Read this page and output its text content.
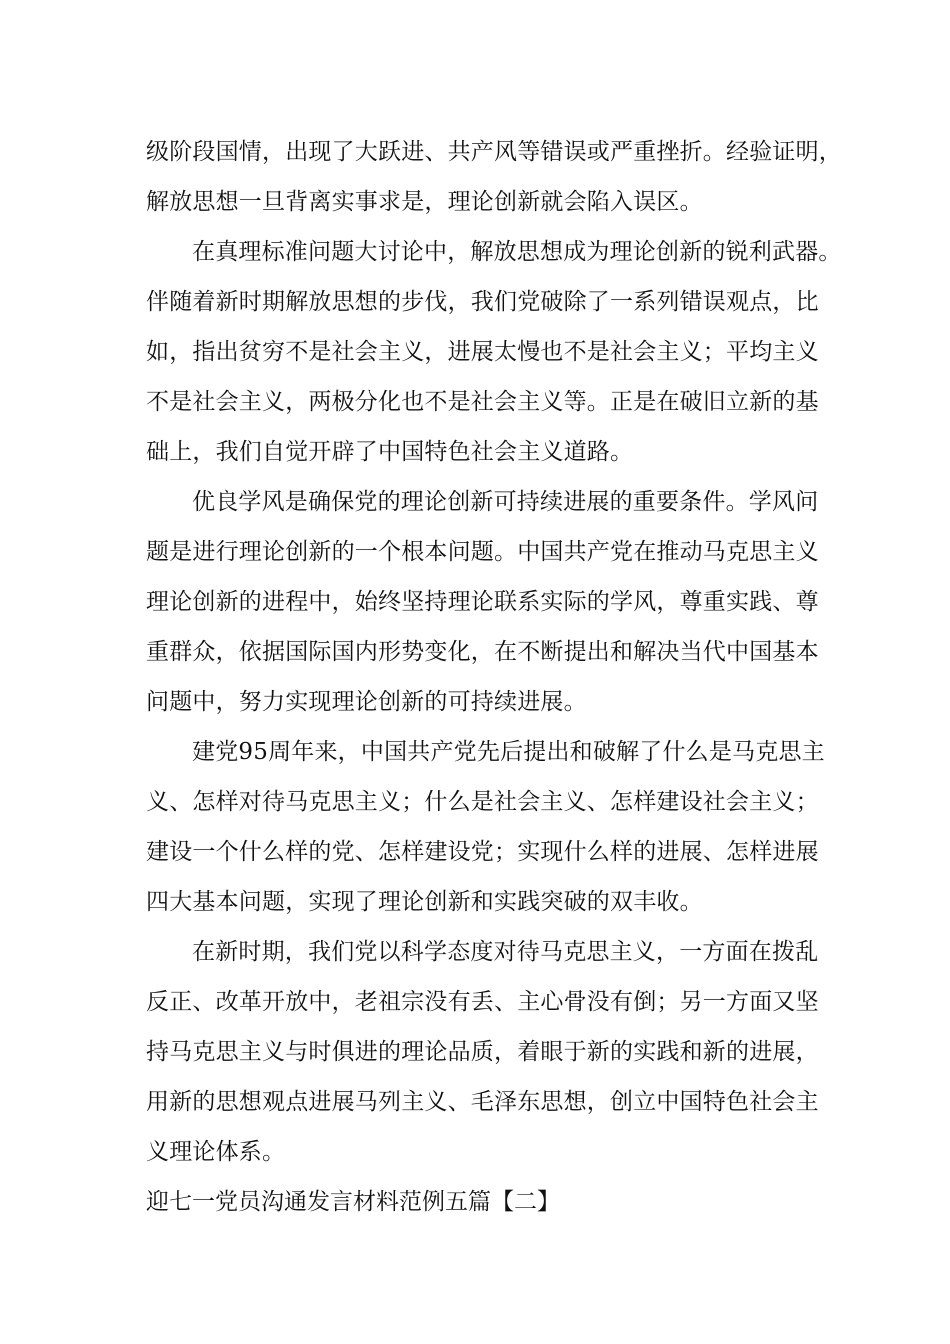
级阶段国情，出现了大跃进、共产风等错误或严重挫折。经验证明，
解放思想一旦背离实事求是，理论创新就会陷入误区。
在真理标准问题大讨论中，解放思想成为理论创新的锐利武器。
伴随着新时期解放思想的步伐，我们党破除了一系列错误观点，比
如，指出贫穷不是社会主义，进展太慢也不是社会主义；平均主义
不是社会主义，两极分化也不是社会主义等。正是在破旧立新的基
础上，我们自觉开辟了中国特色社会主义道路。
优良学风是确保党的理论创新可持续进展的重要条件。学风问
题是进行理论创新的一个根本问题。中国共产党在推动马克思主义
理论创新的进程中，始终坚持理论联系实际的学风，尊重实践、尊
重群众，依据国际国内形势变化，在不断提出和解决当代中国基本
问题中，努力实现理论创新的可持续进展。
建党95周年来，中国共产党先后提出和破解了什么是马克思主
义、怎样对待马克思主义；什么是社会主义、怎样建设社会主义；
建设一个什么样的党、怎样建设党；实现什么样的进展、怎样进展
四大基本问题，实现了理论创新和实践突破的双丰收。
在新时期，我们党以科学态度对待马克思主义，一方面在拨乱
反正、改革开放中，老祖宗没有丢、主心骨没有倒；另一方面又坚
持马克思主义与时俱进的理论品质，着眼于新的实践和新的进展，
用新的思想观点进展马列主义、毛泽东思想，创立中国特色社会主
义理论体系。
迎七一党员沟通发言材料范例五篇【二】
